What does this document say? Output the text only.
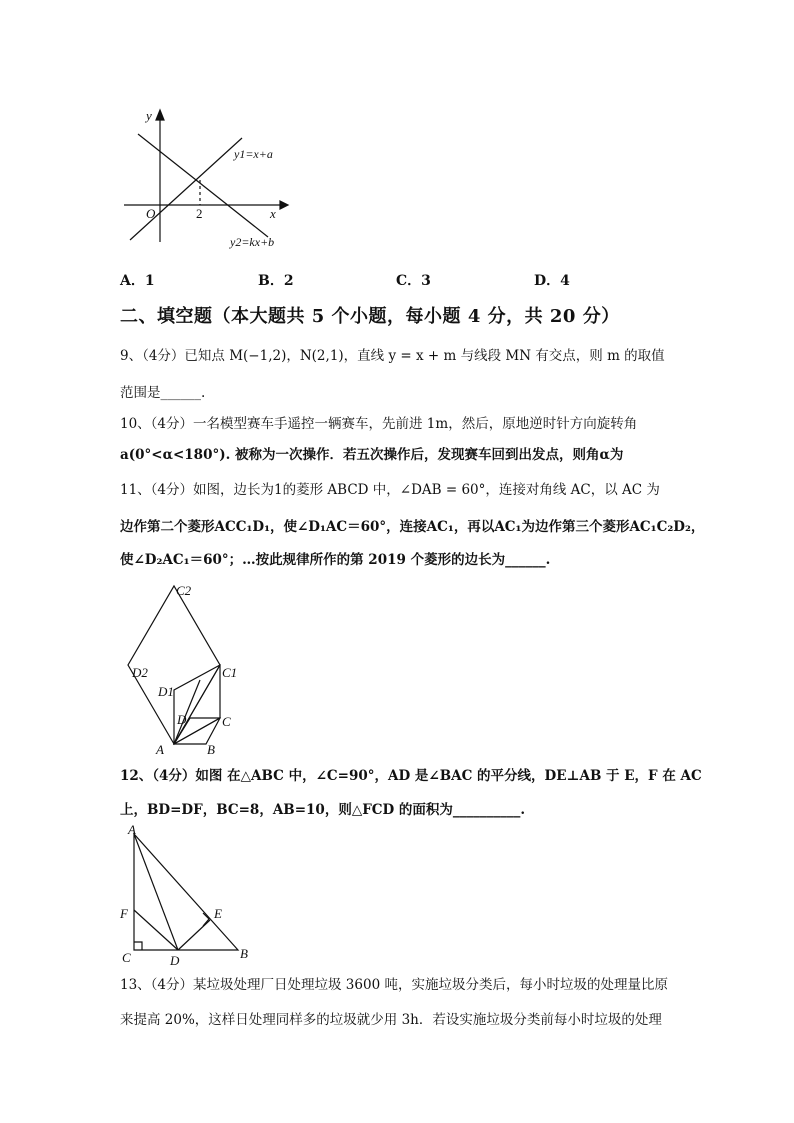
y
x
O	2
y1=x+a
y2=kx+b
A．1	B．2	C．3	D．4
二、填空题（本大题共 5 个小题，每小题 4 分，共 20 分）
9、（4分）已知点 M(−1,2)，N(2,1)，直线 y = x + m 与线段 MN 有交点，则 m 的取值
范围是______.
10、（4分）一名模型赛车手遥控一辆赛车，先前进 1m，然后，原地逆时针方向旋转角
a(0°<α<180°). 被称为一次操作．若五次操作后，发现赛车回到出发点，则角α为
11、（4分）如图，边长为1的菱形 ABCD 中，∠DAB = 60°，连接对角线 AC，以 AC 为
边作第二个菱形ACC₁D₁，使∠D₁AC＝60°，连接AC₁，再以AC₁为边作第三个菱形AC₁C₂D₂，
使∠D₂AC₁＝60°；…按此规律所作的第 2019 个菱形的边长为______.
A	B
C
D
C1
D1
C2
D2
12、（4分）如图 在△ABC 中，∠C=90°，AD 是∠BAC 的平分线，DE⊥AB 于 E，F 在 AC
上，BD=DF，BC=8，AB=10，则△FCD 的面积为__________.
A
B
C	D
E
F
13、（4分）某垃圾处理厂日处理垃圾 3600 吨，实施垃圾分类后，每小时垃圾的处理量比原
来提高 20%，这样日处理同样多的垃圾就少用 3h．若设实施垃圾分类前每小时垃圾的处理
